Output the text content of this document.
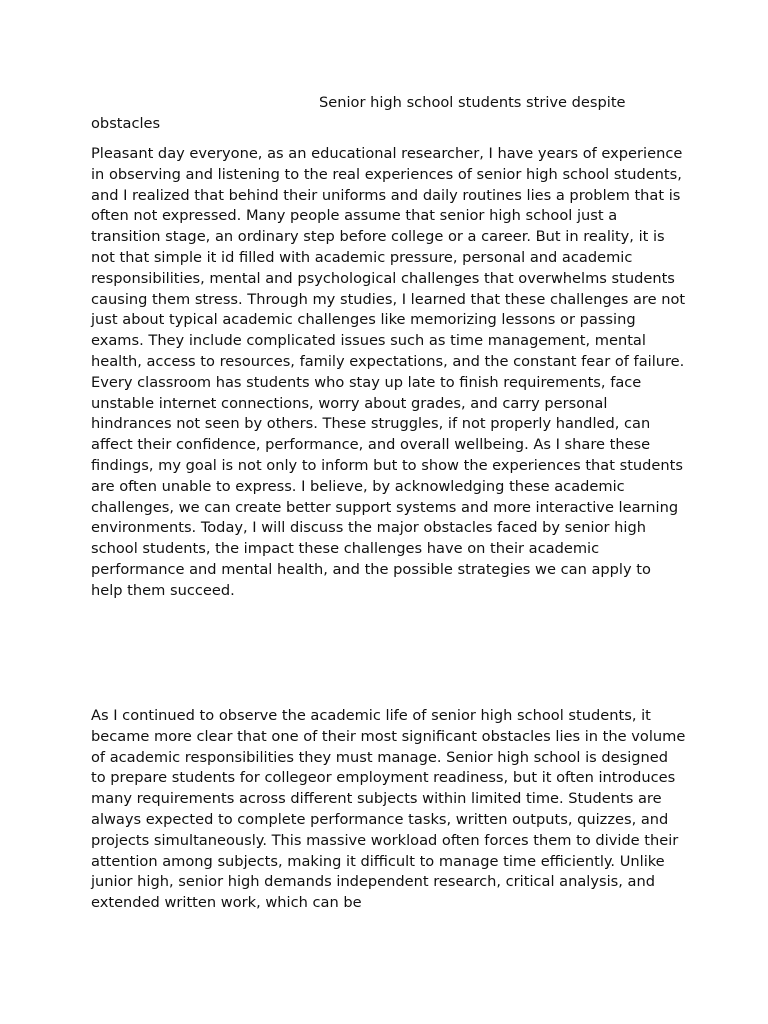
Senior high school students strive despite obstacles

Pleasant day everyone, as an educational researcher, I have years of experience in observing and listening to the real experiences of senior high school students, and I realized that behind their uniforms and daily routines lies a problem that is often not expressed. Many people assume that senior high school just a transition stage, an ordinary step before college or a career. But in reality, it is not that simple it id filled with academic pressure, personal and academic responsibilities, mental and psychological challenges that overwhelms students causing them stress. Through my studies, I learned that these challenges are not just about typical academic challenges like memorizing lessons or passing exams. They include complicated issues such as time management, mental health, access to resources, family expectations, and the constant fear of failure. Every classroom has students who stay up late to finish requirements, face unstable internet connections, worry about grades, and carry personal hindrances not seen by others. These struggles, if not properly handled, can affect their confidence, performance, and overall wellbeing. As I share these findings, my goal is not only to inform but to show the experiences that students are often unable to express. I believe, by acknowledging these academic challenges, we can create better support systems and more interactive learning environments. Today, I will discuss the major obstacles faced by senior high school students, the impact these challenges have on their academic performance and mental health, and the possible strategies we can apply to help them succeed.

As I continued to observe the academic life of senior high school students, it became more clear that one of their most significant obstacles lies in the volume of academic responsibilities they must manage. Senior high school is designed to prepare students for collegeor employment readiness, but it often introduces many requirements across different subjects within limited time. Students are always expected to complete performance tasks, written outputs, quizzes, and projects simultaneously. This massive workload often forces them to divide their attention among subjects, making it difficult to manage time efficiently. Unlike junior high, senior high demands independent research, critical analysis, and extended written work, which can be
